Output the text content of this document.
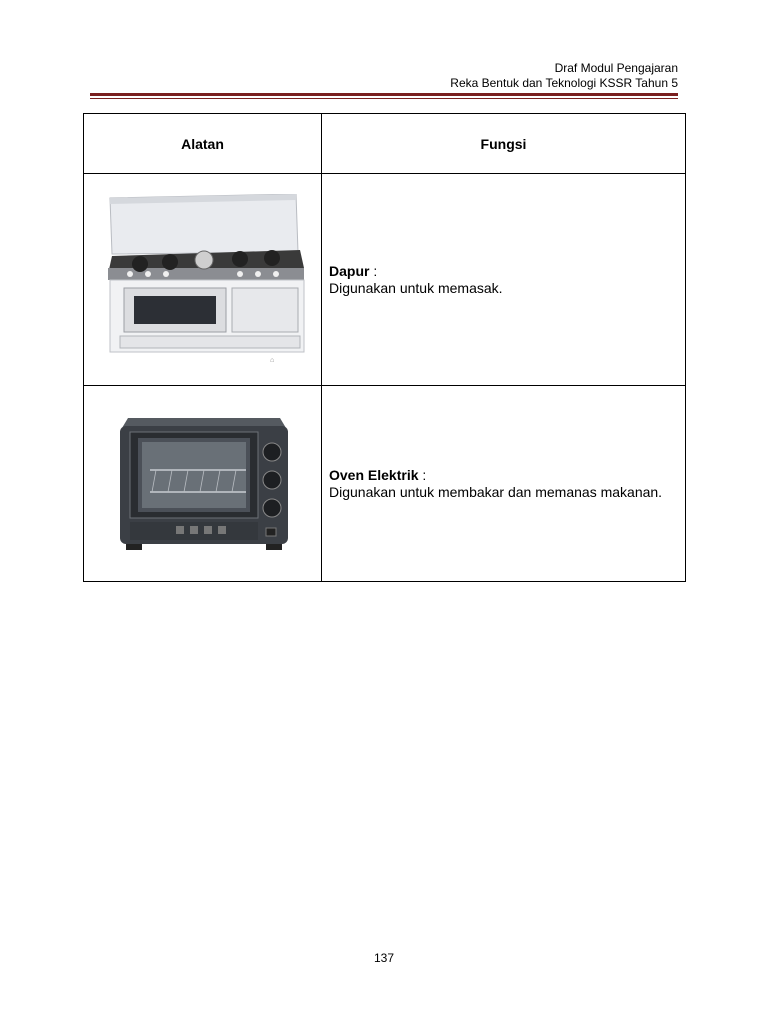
Draf Modul Pengajaran
Reka Bentuk dan Teknologi KSSR Tahun 5
Alatan	Fungsi

⌂	Dapur :
Digunakan untuk memasak.

	Oven Elektrik :
Digunakan untuk membakar dan memanas makanan.
137
